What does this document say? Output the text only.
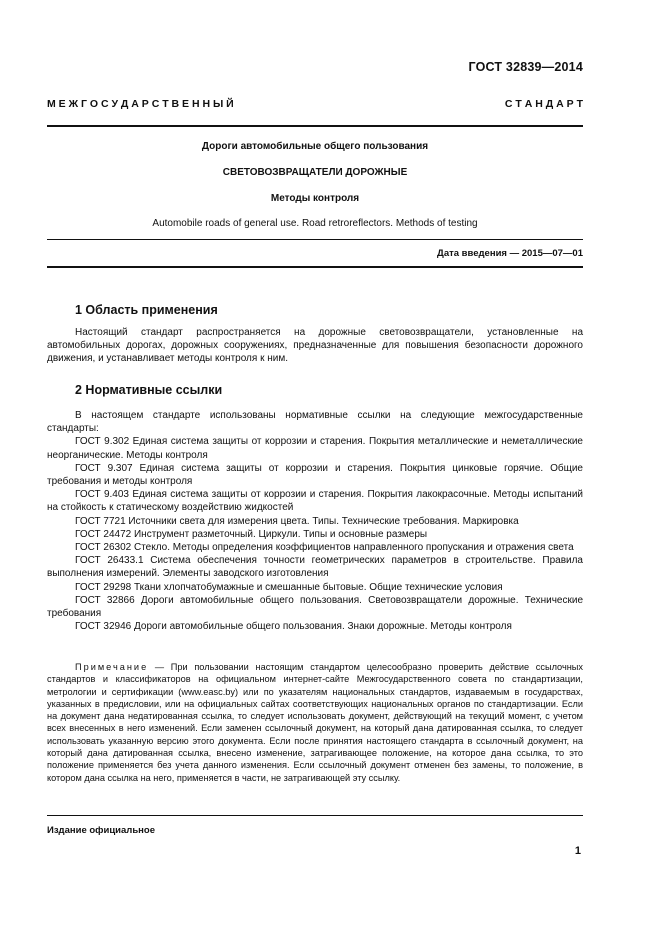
ГОСТ 32839—2014
М Е Ж Г О С У Д А Р С Т В Е Н Н Ы Й	С Т А Н Д А Р Т
Дороги автомобильные общего пользования
СВЕТОВОЗВРАЩАТЕЛИ ДОРОЖНЫЕ
Методы контроля
Automobile roads of general use. Road retroreflectors. Methods of testing
Дата введения — 2015—07—01
1 Область применения

Настоящий стандарт распространяется на дорожные световозвращатели, установленные на автомобильных дорогах, дорожных сооружениях, предназначенные для повышения безопасности дорожного движения, и устанавливает методы контроля к ним.

2 Нормативные ссылки

В настоящем стандарте использованы нормативные ссылки на следующие межгосударственные стандарты:

ГОСТ 9.302 Единая система защиты от коррозии и старения. Покрытия металлические и неметаллические неорганические. Методы контроля

ГОСТ 9.307 Единая система защиты от коррозии и старения. Покрытия цинковые горячие. Общие требования и методы контроля

ГОСТ 9.403 Единая система защиты от коррозии и старения. Покрытия лакокрасочные. Методы испытаний на стойкость к статическому воздействию жидкостей

ГОСТ 7721 Источники света для измерения цвета. Типы. Технические требования. Маркировка

ГОСТ 24472 Инструмент разметочный. Циркули. Типы и основные размеры

ГОСТ 26302 Стекло. Методы определения коэффициентов направленного пропускания и отражения света

ГОСТ 26433.1 Система обеспечения точности геометрических параметров в строительстве. Правила выполнения измерений. Элементы заводского изготовления

ГОСТ 29298 Ткани хлопчатобумажные и смешанные бытовые. Общие технические условия

ГОСТ 32866 Дороги автомобильные общего пользования. Световозвращатели дорожные. Технические требования

ГОСТ 32946 Дороги автомобильные общего пользования. Знаки дорожные. Методы контроля

Примечание — При пользовании настоящим стандартом целесообразно проверить действие ссылочных стандартов и классификаторов на официальном интернет-сайте Межгосударственного совета по стандартизации, метрологии и сертификации (www.easc.by) или по указателям национальных стандартов, издаваемым в государствах, указанных в предисловии, или на официальных сайтах соответствующих национальных органов по стандартизации. Если на документ дана недатированная ссылка, то следует использовать документ, действующий на текущий момент, с учетом всех внесенных в него изменений. Если заменен ссылочный документ, на который дана датированная ссылка, то следует использовать указанную версию этого документа. Если после принятия настоящего стандарта в ссылочный документ, на который дана датированная ссылка, внесено изменение, затрагивающее положение, на которое дана ссылка, то это положение применяется без учета данного изменения. Если ссылочный документ отменен без замены, то положение, в котором дана ссылка на него, применяется в части, не затрагивающей эту ссылку.

Издание официальное
1
